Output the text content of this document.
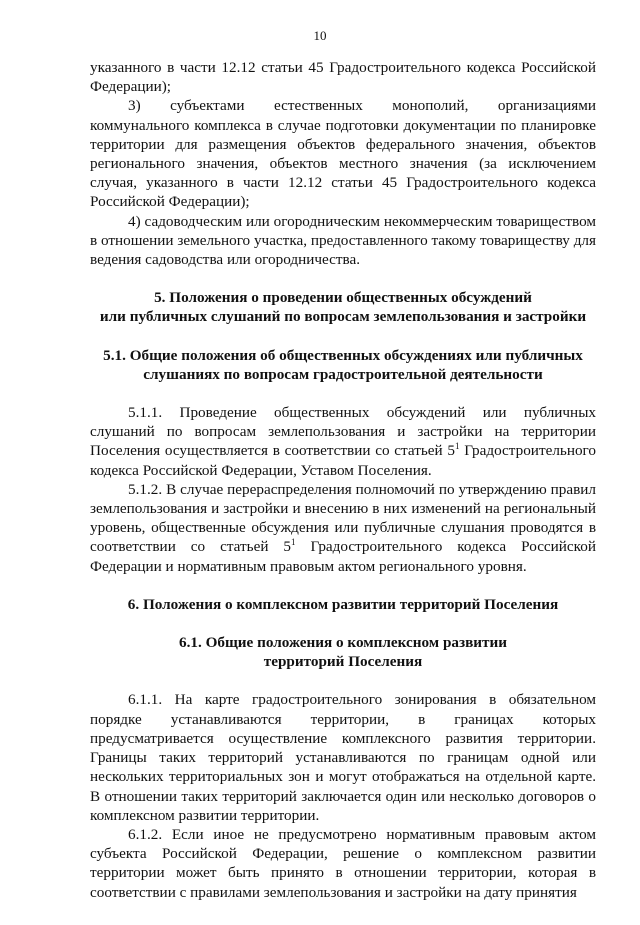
10

указанного в части 12.12 статьи 45 Градостроительного кодекса Российской Федерации);

3) субъектами естественных монополий, организациями коммунального комплекса в случае подготовки документации по планировке территории для размещения объектов федерального значения, объектов регионального значения, объектов местного значения (за исключением случая, указанного в части 12.12 статьи 45 Градостроительного кодекса Российской Федерации);

4) садоводческим или огородническим некоммерческим товариществом в отношении земельного участка, предоставленного такому товариществу для ведения садоводства или огородничества.

5. Положения о проведении общественных обсуждений
или публичных слушаний по вопросам землепользования и застройки
5.1. Общие положения об общественных обсуждениях или публичных
слушаниях по вопросам градостроительной деятельности

5.1.1. Проведение общественных обсуждений или публичных слушаний по вопросам землепользования и застройки на территории Поселения осуществляется в соответствии со статьей $5^1$ Градостроительного кодекса Российской Федерации, Уставом Поселения.

5.1.2. В случае перераспределения полномочий по утверждению правил землепользования и застройки и внесению в них изменений на региональный уровень, общественные обсуждения или публичные слушания проводятся в соответствии со статьей $5^1$ Градостроительного кодекса Российской Федерации и нормативным правовым актом регионального уровня.

6. Положения о комплексном развитии территорий Поселения
6.1. Общие положения о комплексном развитии
территорий Поселения

6.1.1. На карте градостроительного зонирования в обязательном порядке устанавливаются территории, в границах которых предусматривается осуществление комплексного развития территории. Границы таких территорий устанавливаются по границам одной или нескольких территориальных зон и могут отображаться на отдельной карте. В отношении таких территорий заключается один или несколько договоров о комплексном развитии территории.

6.1.2. Если иное не предусмотрено нормативным правовым актом субъекта Российской Федерации, решение о комплексном развитии территории может быть принято в отношении территории, которая в соответствии с правилами землепользования и застройки на дату принятия
